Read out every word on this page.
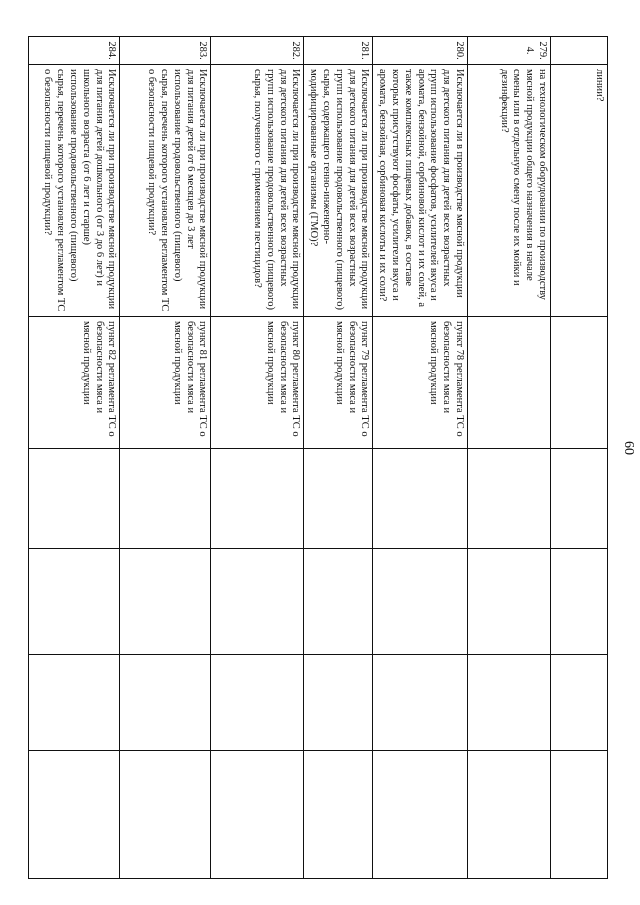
60
	линии?					
279.4.	на технологическом оборудовании по производству мясной продукции общего назначения в начале смены или в отдельную смену после их мойки и дезинфекции?					
280.	Исключается ли в производстве мясной продукции для детского питания для детей всех возрастных групп использование фосфатов, усилителей вкуса и аромата, бензойной, сорбиновой кислот и их солей, а также комплексных пищевых добавок, в составе которых присутствуют фосфаты, усилители вкуса и аромата, бензойная, сорбиновая кислоты и их соли?	пункт 78 регламента ТС о безопасности мяса и мясной продукции				
281.	Исключается ли при производстве мясной продукции для детского питания для детей всех возрастных групп использование продовольственного (пищевого) сырья, содержащего генно-инженерно-модифицированные организмы (ГМО)?	пункт 79 регламента ТС о безопасности мяса и мясной продукции				
282.	Исключается ли при производстве мясной продукции для детского питания для детей всех возрастных групп использование продовольственного (пищевого) сырья, полученного с применением пестицидов?	пункт 80 регламента ТС о безопасности мяса и мясной продукции				
283.	Исключается ли при производстве мясной продукции для питания детей от 6 месяцев до 3 лет использование продовольственного (пищевого) сырья, перечень которого установлен регламентом ТС о безопасности пищевой продукции?	пункт 81 регламента ТС о безопасности мяса и мясной продукции				
284.	Исключается ли при производстве мясной продукции для питания детей дошкольного (от 3 до 6 лет) и школьного возраста (от 6 лет и старше) использование продовольственного (пищевого) сырья, перечень которого установлен регламентом ТС о безопасности пищевой продукции?	пункт 82 регламента ТС о безопасности мяса и мясной продукции				
